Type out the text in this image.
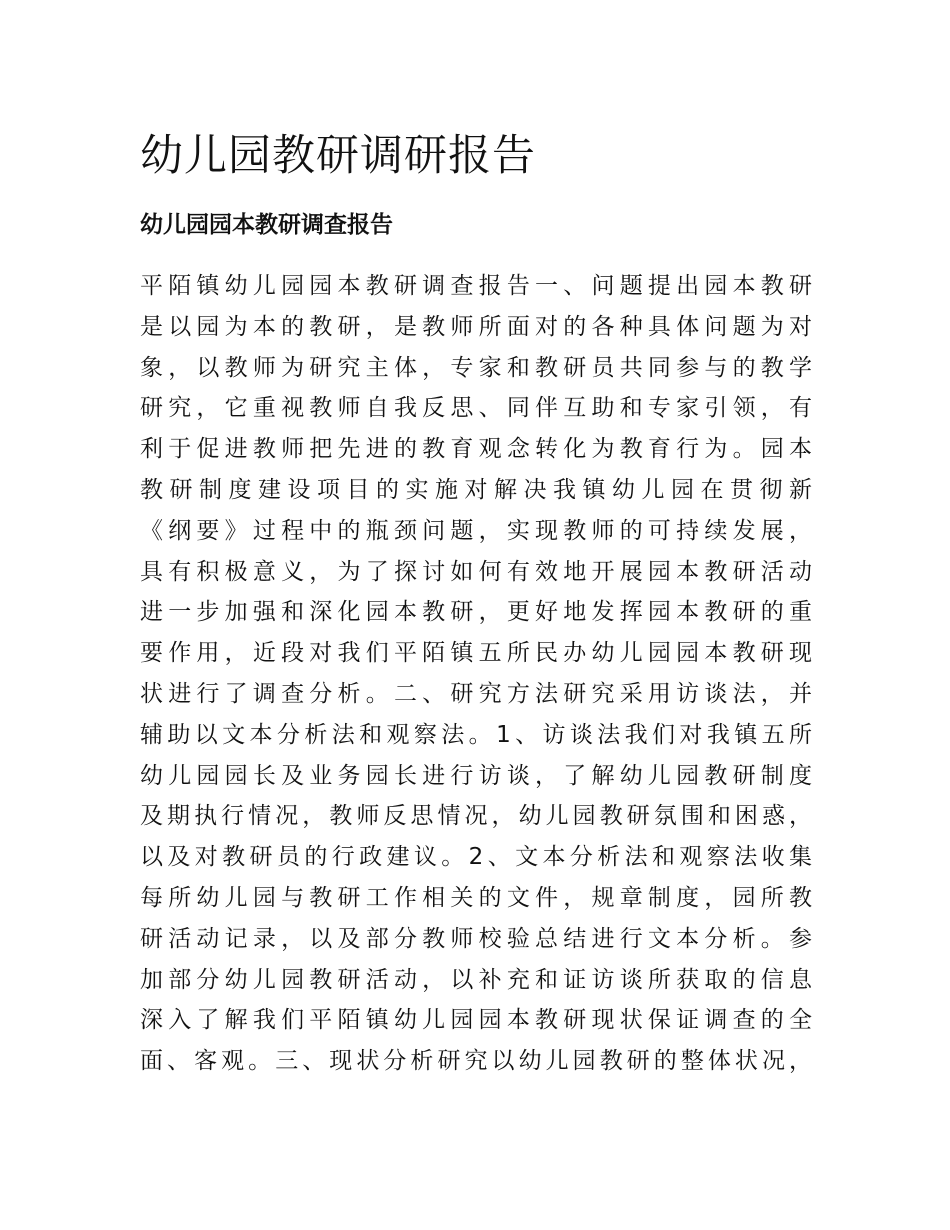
幼儿园教研调研报告
幼儿园园本教研调查报告
平陌镇幼儿园园本教研调查报告一、问题提出园本教研
是以园为本的教研，是教师所面对的各种具体问题为对
象，以教师为研究主体，专家和教研员共同参与的教学
研究，它重视教师自我反思、同伴互助和专家引领，有
利于促进教师把先进的教育观念转化为教育行为。园本
教研制度建设项目的实施对解决我镇幼儿园在贯彻新
《纲要》过程中的瓶颈问题，实现教师的可持续发展，
具有积极意义，为了探讨如何有效地开展园本教研活动
进一步加强和深化园本教研，更好地发挥园本教研的重
要作用，近段对我们平陌镇五所民办幼儿园园本教研现
状进行了调查分析。二、研究方法研究采用访谈法，并
辅助以文本分析法和观察法。1、访谈法我们对我镇五所
幼儿园园长及业务园长进行访谈，了解幼儿园教研制度
及期执行情况，教师反思情况，幼儿园教研氛围和困惑，
以及对教研员的行政建议。2、文本分析法和观察法收集
每所幼儿园与教研工作相关的文件，规章制度，园所教
研活动记录，以及部分教师校验总结进行文本分析。参
加部分幼儿园教研活动，以补充和证访谈所获取的信息
深入了解我们平陌镇幼儿园园本教研现状保证调查的全
面、客观。三、现状分析研究以幼儿园教研的整体状况，
